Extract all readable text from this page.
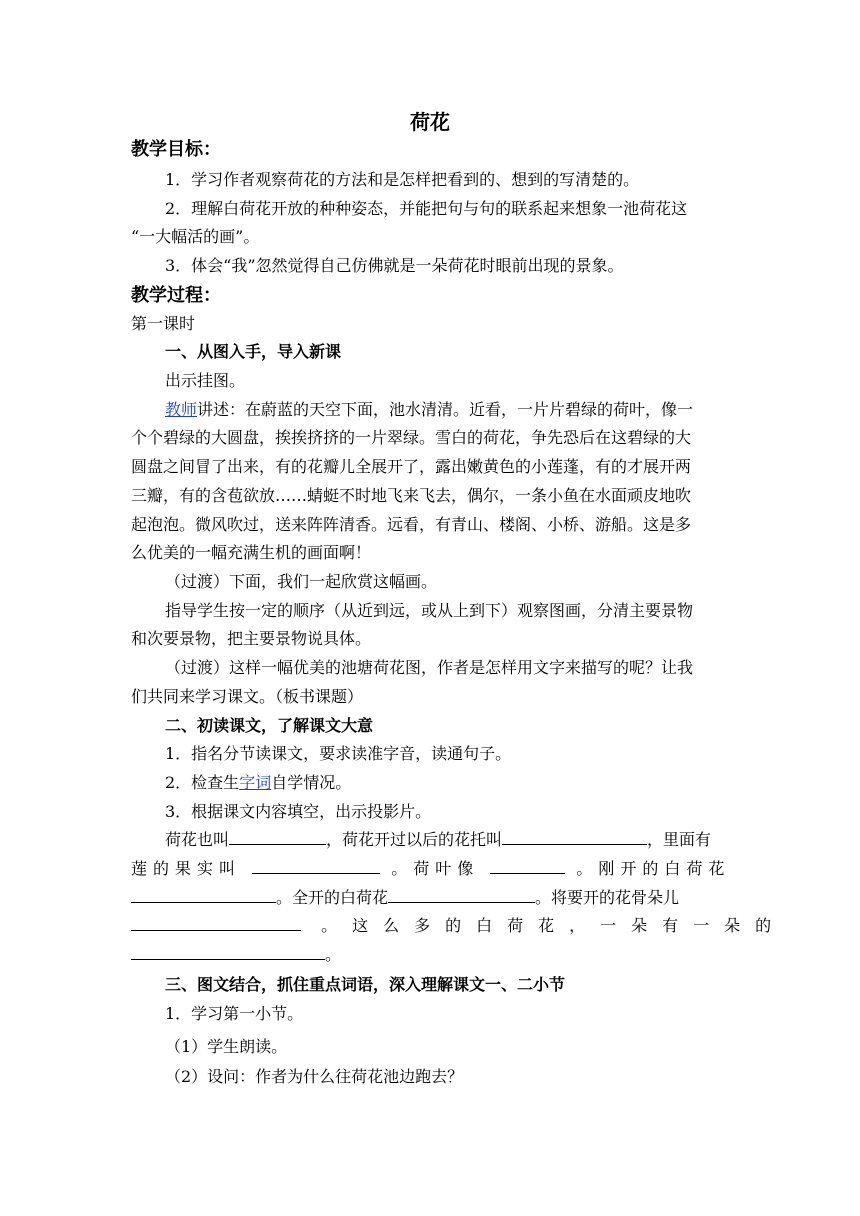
荷花
教学目标：
1．学习作者观察荷花的方法和是怎样把看到的、想到的写清楚的。
2．理解白荷花开放的种种姿态，并能把句与句的联系起来想象一池荷花这
“一大幅活的画”。
3．体会“我”忽然觉得自己仿佛就是一朵荷花时眼前出现的景象。
教学过程：
第一课时
一、从图入手，导入新课
出示挂图。
教师讲述：在蔚蓝的天空下面，池水清清。近看，一片片碧绿的荷叶，像一
个个碧绿的大圆盘，挨挨挤挤的一片翠绿。雪白的荷花，争先恐后在这碧绿的大
圆盘之间冒了出来，有的花瓣儿全展开了，露出嫩黄色的小莲蓬，有的才展开两
三瓣，有的含苞欲放……蜻蜓不时地飞来飞去，偶尔，一条小鱼在水面顽皮地吹
起泡泡。微风吹过，送来阵阵清香。远看，有青山、楼阁、小桥、游船。这是多
么优美的一幅充满生机的画面啊！
（过渡）下面，我们一起欣赏这幅画。
指导学生按一定的顺序（从近到远，或从上到下）观察图画，分清主要景物
和次要景物，把主要景物说具体。
（过渡）这样一幅优美的池塘荷花图，作者是怎样用文字来描写的呢？让我
们共同来学习课文。（板书课题）
二、初读课文，了解课文大意
1．指名分节读课文，要求读准字音，读通句子。
2．检查生字词自学情况。
3．根据课文内容填空，出示投影片。
荷花也叫	，荷花开过以后的花托叫	，里面有
莲的果实叫	。荷叶像	。刚开的白荷花
。全开的白荷花	。将要开的花骨朵儿
。这么多的白荷花，一朵有一朵的
。
三、图文结合，抓住重点词语，深入理解课文一、二小节
1．学习第一小节。
（1）学生朗读。
（2）设问：作者为什么往荷花池边跑去？
